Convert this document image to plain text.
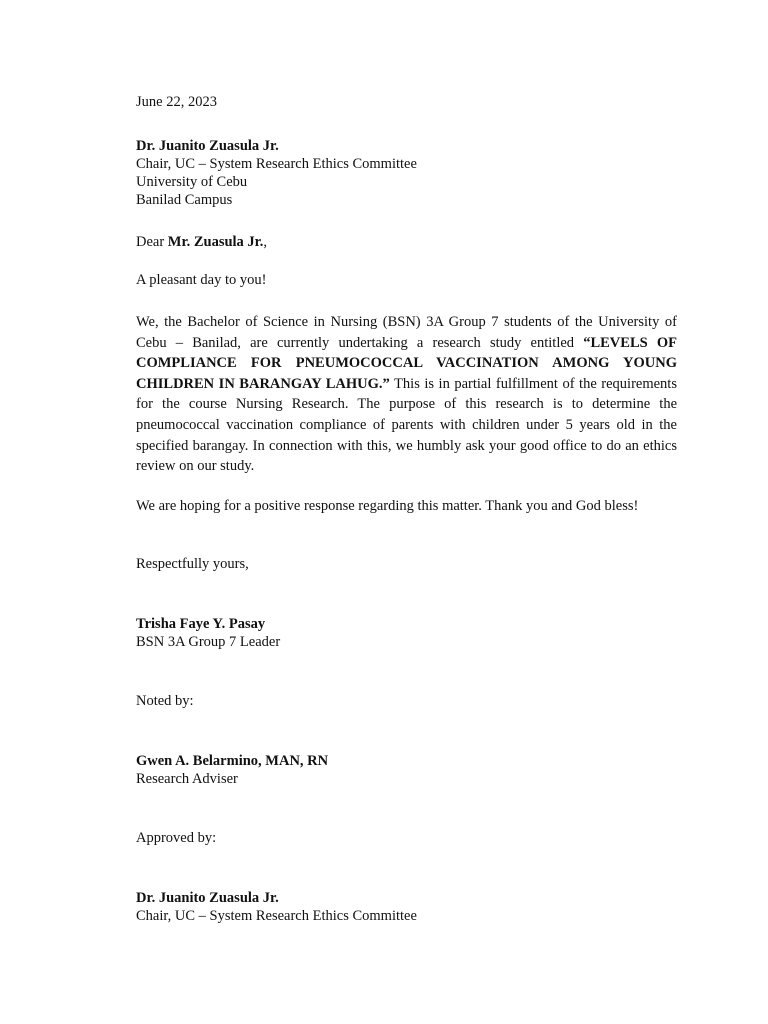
June 22, 2023
Dr. Juanito Zuasula Jr.
Chair, UC – System Research Ethics Committee
University of Cebu
Banilad Campus
Dear Mr. Zuasula Jr.,
A pleasant day to you!

We, the Bachelor of Science in Nursing (BSN) 3A Group 7 students of the University of Cebu – Banilad, are currently undertaking a research study entitled “LEVELS OF COMPLIANCE FOR PNEUMOCOCCAL VACCINATION AMONG YOUNG CHILDREN IN BARANGAY LAHUG.” This is in partial fulfillment of the requirements for the course Nursing Research. The purpose of this research is to determine the pneumococcal vaccination compliance of parents with children under 5 years old in the specified barangay. In connection with this, we humbly ask your good office to do an ethics review on our study.

We are hoping for a positive response regarding this matter. Thank you and God bless!
Respectfully yours,
Trisha Faye Y. Pasay
BSN 3A Group 7 Leader
Noted by:
Gwen A. Belarmino, MAN, RN
Research Adviser
Approved by:
Dr. Juanito Zuasula Jr.
Chair, UC – System Research Ethics Committee
